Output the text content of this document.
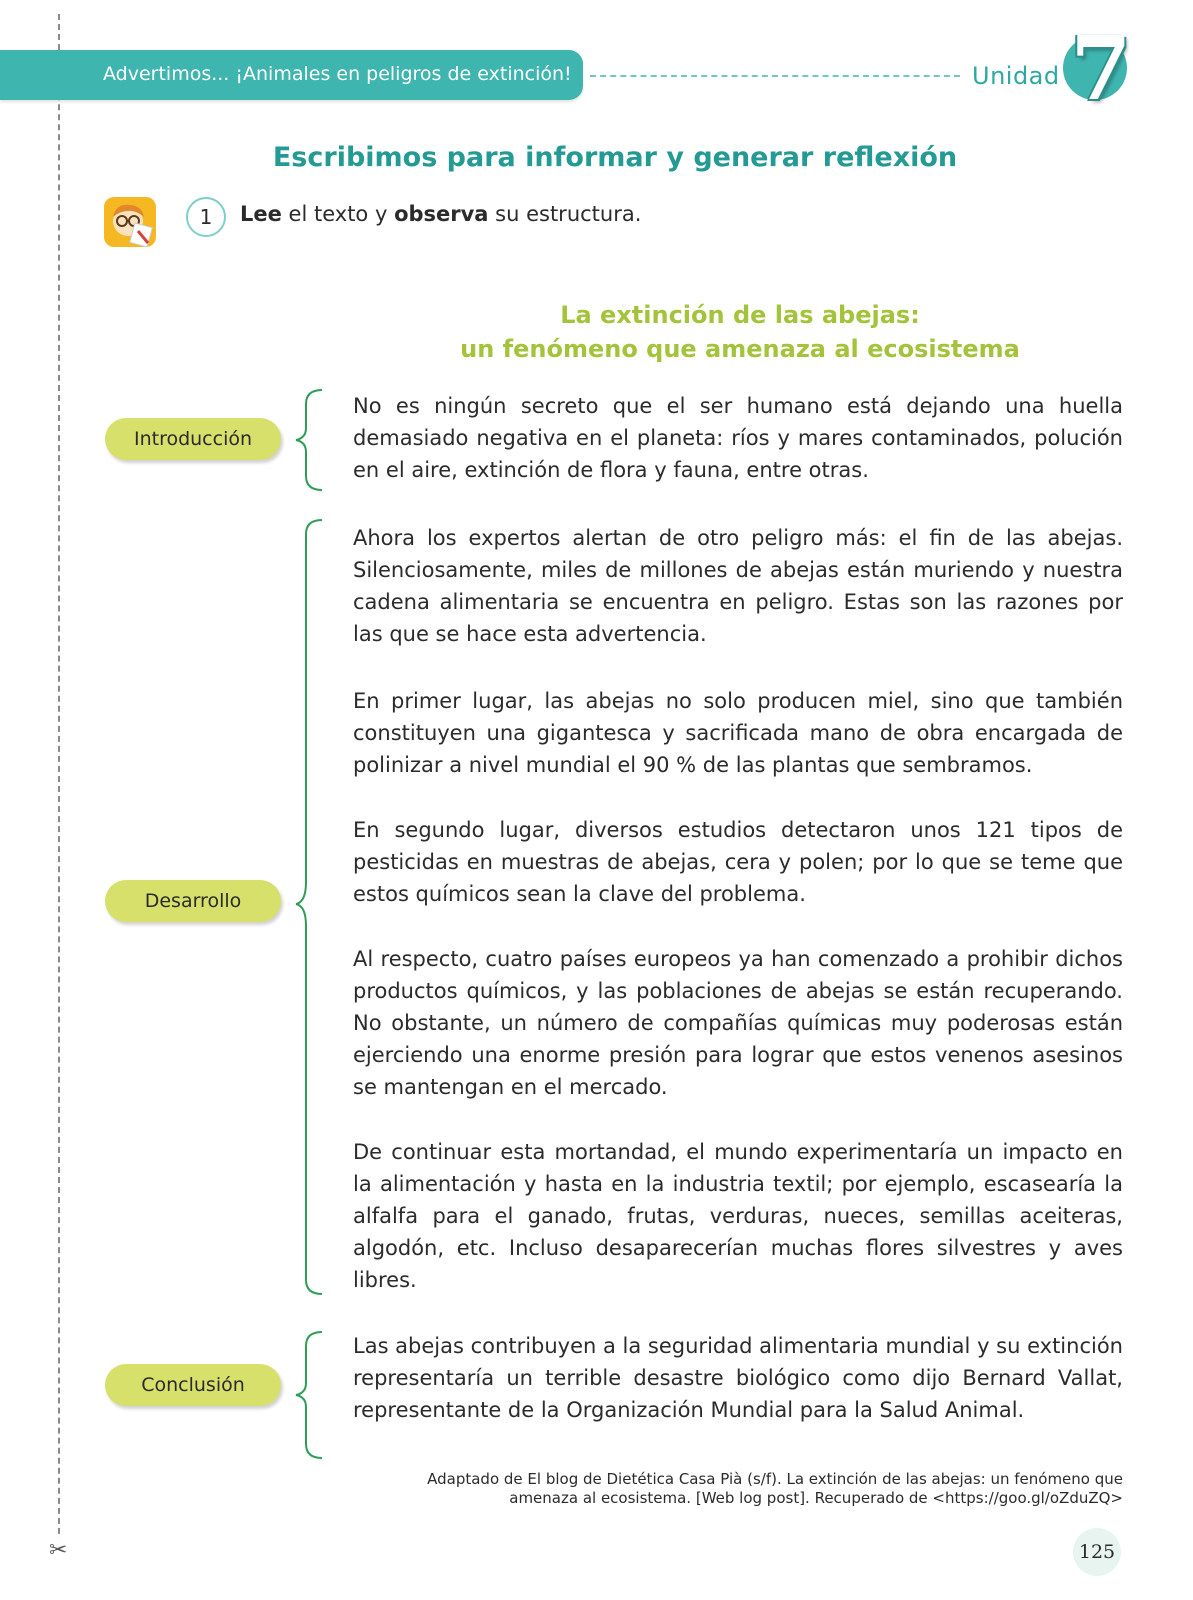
✂
Advertimos... ¡Animales en peligros de extinción!	Unidad 7
Escribimos para informar y generar reflexión
1	Lee el texto y observa su estructura.
La extinción de las abejas:
un fenómeno que amenaza al ecosistema
Introducción
Desarrollo
Conclusión
No es ningún secreto que el ser humano está dejando una huella demasiado negativa en el planeta: ríos y mares contaminados, polución en el aire, extinción de flora y fauna, entre otras.
Ahora los expertos alertan de otro peligro más: el fin de las abejas. Silenciosamente, miles de millones de abejas están muriendo y nuestra cadena alimentaria se encuentra en peligro. Estas son las razones por las que se hace esta advertencia.
En primer lugar, las abejas no solo producen miel, sino que también constituyen una gigantesca y sacrificada mano de obra encargada de polinizar a nivel mundial el 90 % de las plantas que sembramos.
En segundo lugar, diversos estudios detectaron unos 121 tipos de pesticidas en muestras de abejas, cera y polen; por lo que se teme que estos químicos sean la clave del problema.
Al respecto, cuatro países europeos ya han comenzado a prohibir dichos productos químicos, y las poblaciones de abejas se están recuperando. No obstante, un número de compañías químicas muy poderosas están ejerciendo una enorme presión para lograr que estos venenos asesinos se mantengan en el mercado.
De continuar esta mortandad, el mundo experimentaría un impacto en la alimentación y hasta en la industria textil; por ejemplo, escasearía la alfalfa para el ganado, frutas, verduras, nueces, semillas aceiteras, algodón, etc. Incluso desaparecerían muchas flores silvestres y aves libres.
Las abejas contribuyen a la seguridad alimentaria mundial y su extinción representaría un terrible desastre biológico como dijo Bernard Vallat, representante de la Organización Mundial para la Salud Animal.
Adaptado de El blog de Dietética Casa Pià (s/f). La extinción de las abejas: un fenómeno que
amenaza al ecosistema. [Web log post]. Recuperado de <https://goo.gl/oZduZQ>
125
